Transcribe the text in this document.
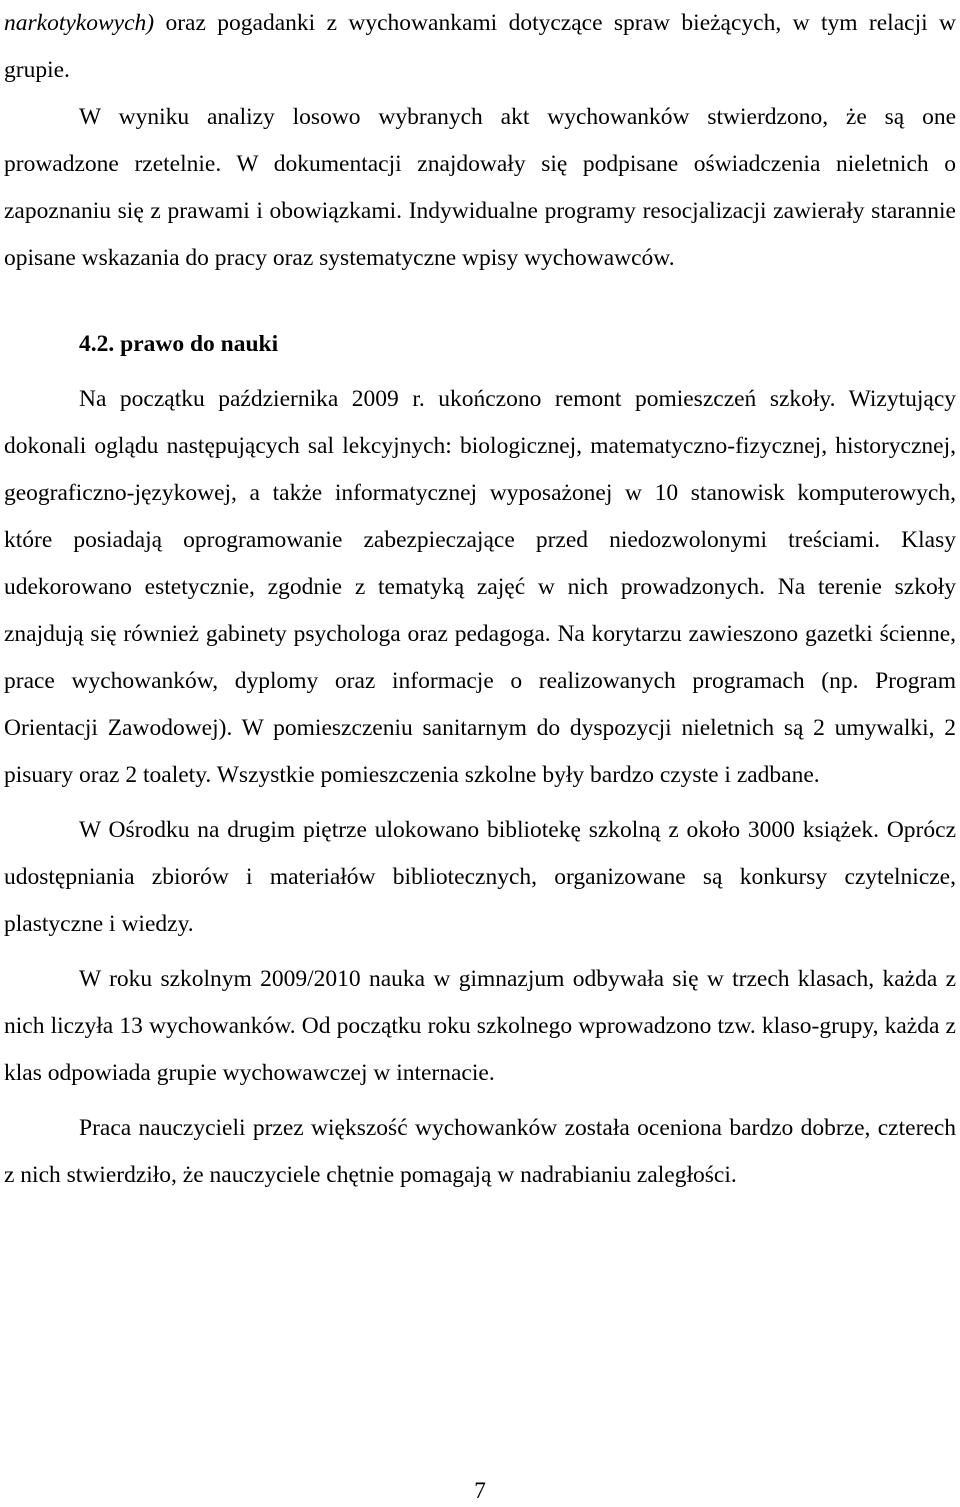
narkotykowych) oraz pogadanki z wychowankami dotyczące spraw bieżących, w tym relacji w grupie.

W wyniku analizy losowo wybranych akt wychowanków stwierdzono, że są one prowadzone rzetelnie. W dokumentacji znajdowały się podpisane oświadczenia nieletnich o zapoznaniu się z prawami i obowiązkami. Indywidualne programy resocjalizacji zawierały starannie opisane wskazania do pracy oraz systematyczne wpisy wychowawców.

4.2. prawo do nauki

Na początku października 2009 r. ukończono remont pomieszczeń szkoły. Wizytujący dokonali oglądu następujących sal lekcyjnych: biologicznej, matematyczno-fizycznej, historycznej, geograficzno-językowej, a także informatycznej wyposażonej w 10 stanowisk komputerowych, które posiadają oprogramowanie zabezpieczające przed niedozwolonymi treściami. Klasy udekorowano estetycznie, zgodnie z tematyką zajęć w nich prowadzonych. Na terenie szkoły znajdują się również gabinety psychologa oraz pedagoga. Na korytarzu zawieszono gazetki ścienne, prace wychowanków, dyplomy oraz informacje o realizowanych programach (np. Program Orientacji Zawodowej). W pomieszczeniu sanitarnym do dyspozycji nieletnich są 2 umywalki, 2 pisuary oraz 2 toalety. Wszystkie pomieszczenia szkolne były bardzo czyste i zadbane.

W Ośrodku na drugim piętrze ulokowano bibliotekę szkolną z około 3000 książek. Oprócz udostępniania zbiorów i materiałów bibliotecznych, organizowane są konkursy czytelnicze, plastyczne i wiedzy.

W roku szkolnym 2009/2010 nauka w gimnazjum odbywała się w trzech klasach, każda z nich liczyła 13 wychowanków. Od początku roku szkolnego wprowadzono tzw. klaso-grupy, każda z klas odpowiada grupie wychowawczej w internacie.

Praca nauczycieli przez większość wychowanków została oceniona bardzo dobrze, czterech z nich stwierdziło, że nauczyciele chętnie pomagają w nadrabianiu zaległości.

7
